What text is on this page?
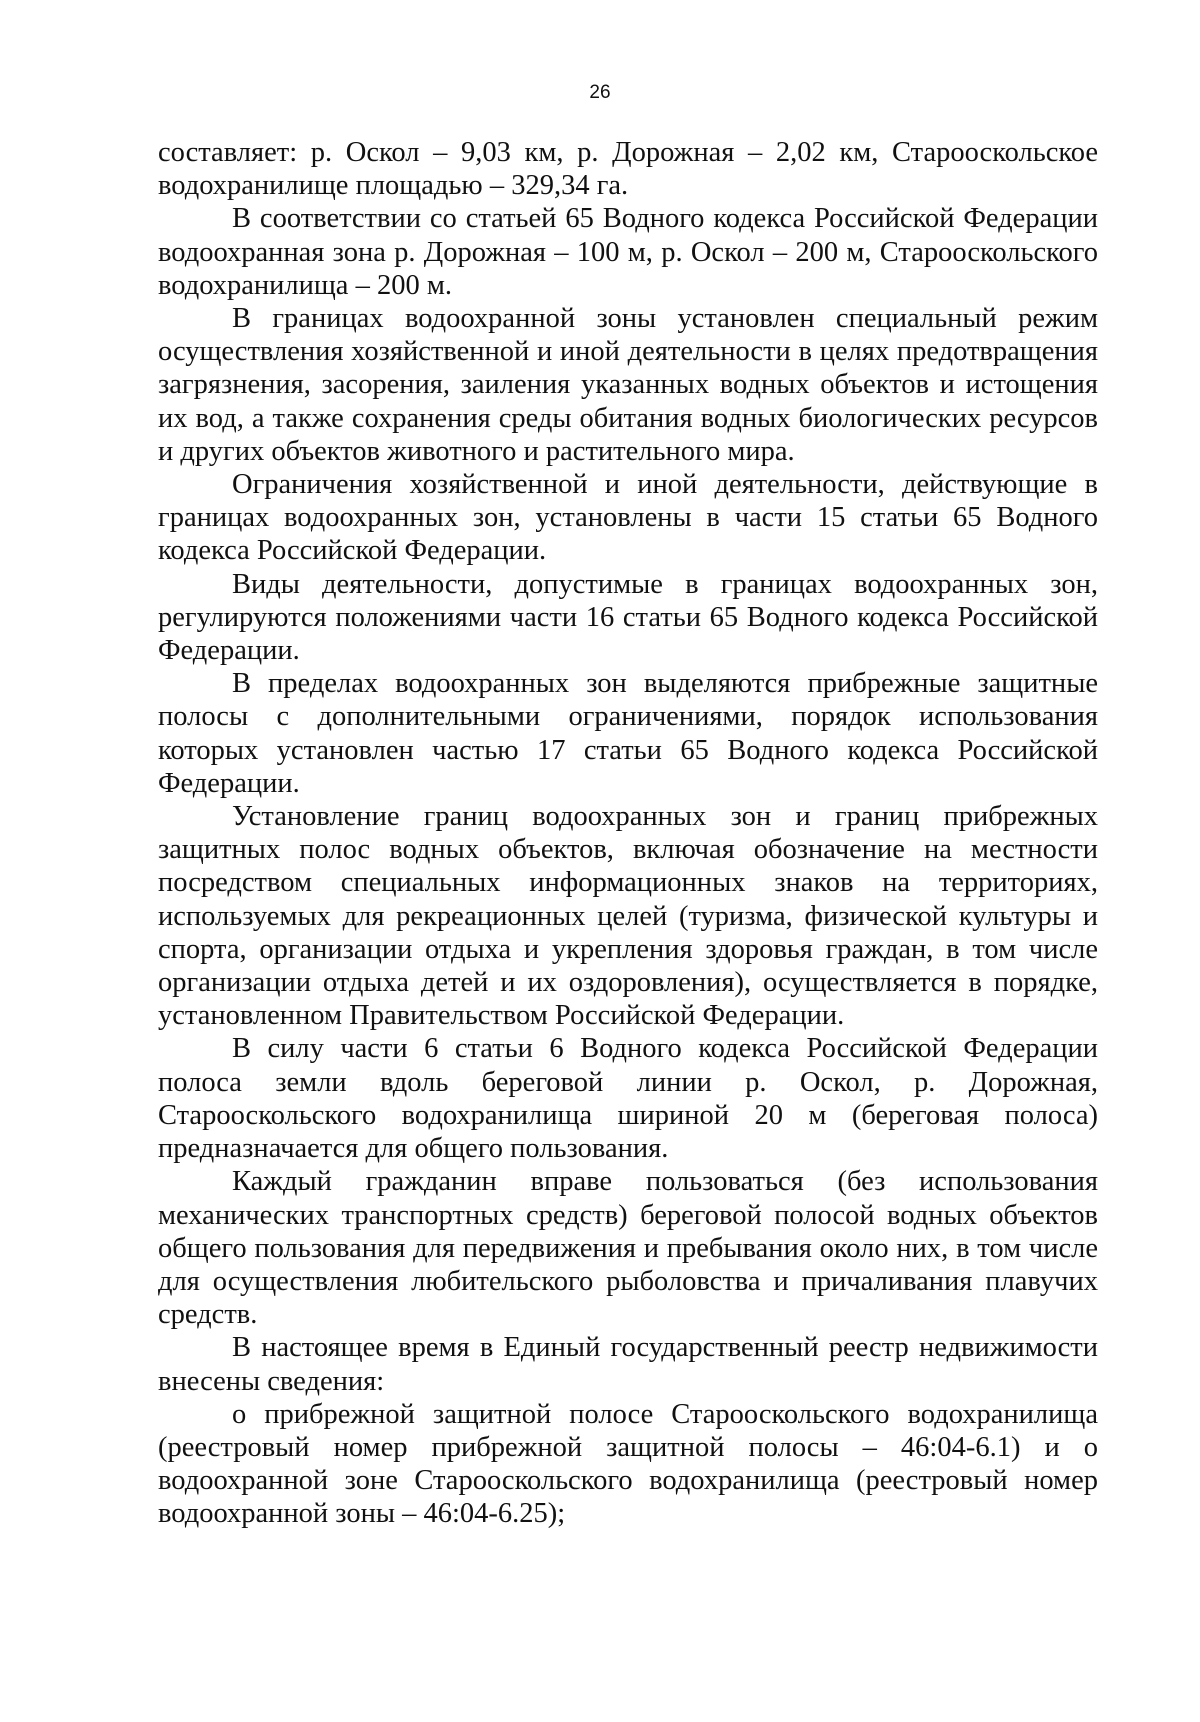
26

составляет: р. Оскол – 9,03 км, р. Дорожная – 2,02 км, Старооскольское водохранилище площадью – 329,34 га.

В соответствии со статьей 65 Водного кодекса Российской Федерации водоохранная зона р. Дорожная – 100 м, р. Оскол – 200 м, Старооскольского водохранилища – 200 м.

В границах водоохранной зоны установлен специальный режим осуществления хозяйственной и иной деятельности в целях предотвращения загрязнения, засорения, заиления указанных водных объектов и истощения их вод, а также сохранения среды обитания водных биологических ресурсов и других объектов животного и растительного мира.

Ограничения хозяйственной и иной деятельности, действующие в границах водоохранных зон, установлены в части 15 статьи 65 Водного кодекса Российской Федерации.

Виды деятельности, допустимые в границах водоохранных зон, регулируются положениями части 16 статьи 65 Водного кодекса Российской Федерации.

В пределах водоохранных зон выделяются прибрежные защитные полосы с дополнительными ограничениями, порядок использования которых установлен частью 17 статьи 65 Водного кодекса Российской Федерации.

Установление границ водоохранных зон и границ прибрежных защитных полос водных объектов, включая обозначение на местности посредством специальных информационных знаков на территориях, используемых для рекреационных целей (туризма, физической культуры и спорта, организации отдыха и укрепления здоровья граждан, в том числе организации отдыха детей и их оздоровления), осуществляется в порядке, установленном Правительством Российской Федерации.

В силу части 6 статьи 6 Водного кодекса Российской Федерации полоса земли вдоль береговой линии р. Оскол, р. Дорожная, Старооскольского водохранилища шириной 20 м (береговая полоса) предназначается для общего пользования.

Каждый гражданин вправе пользоваться (без использования механических транспортных средств) береговой полосой водных объектов общего пользования для передвижения и пребывания около них, в том числе для осуществления любительского рыболовства и причаливания плавучих средств.

В настоящее время в Единый государственный реестр недвижимости внесены сведения:

о прибрежной защитной полосе Старооскольского водохранилища (реестровый номер прибрежной защитной полосы – 46:04-6.1) и о водоохранной зоне Старооскольского водохранилища (реестровый номер водоохранной зоны – 46:04-6.25);
